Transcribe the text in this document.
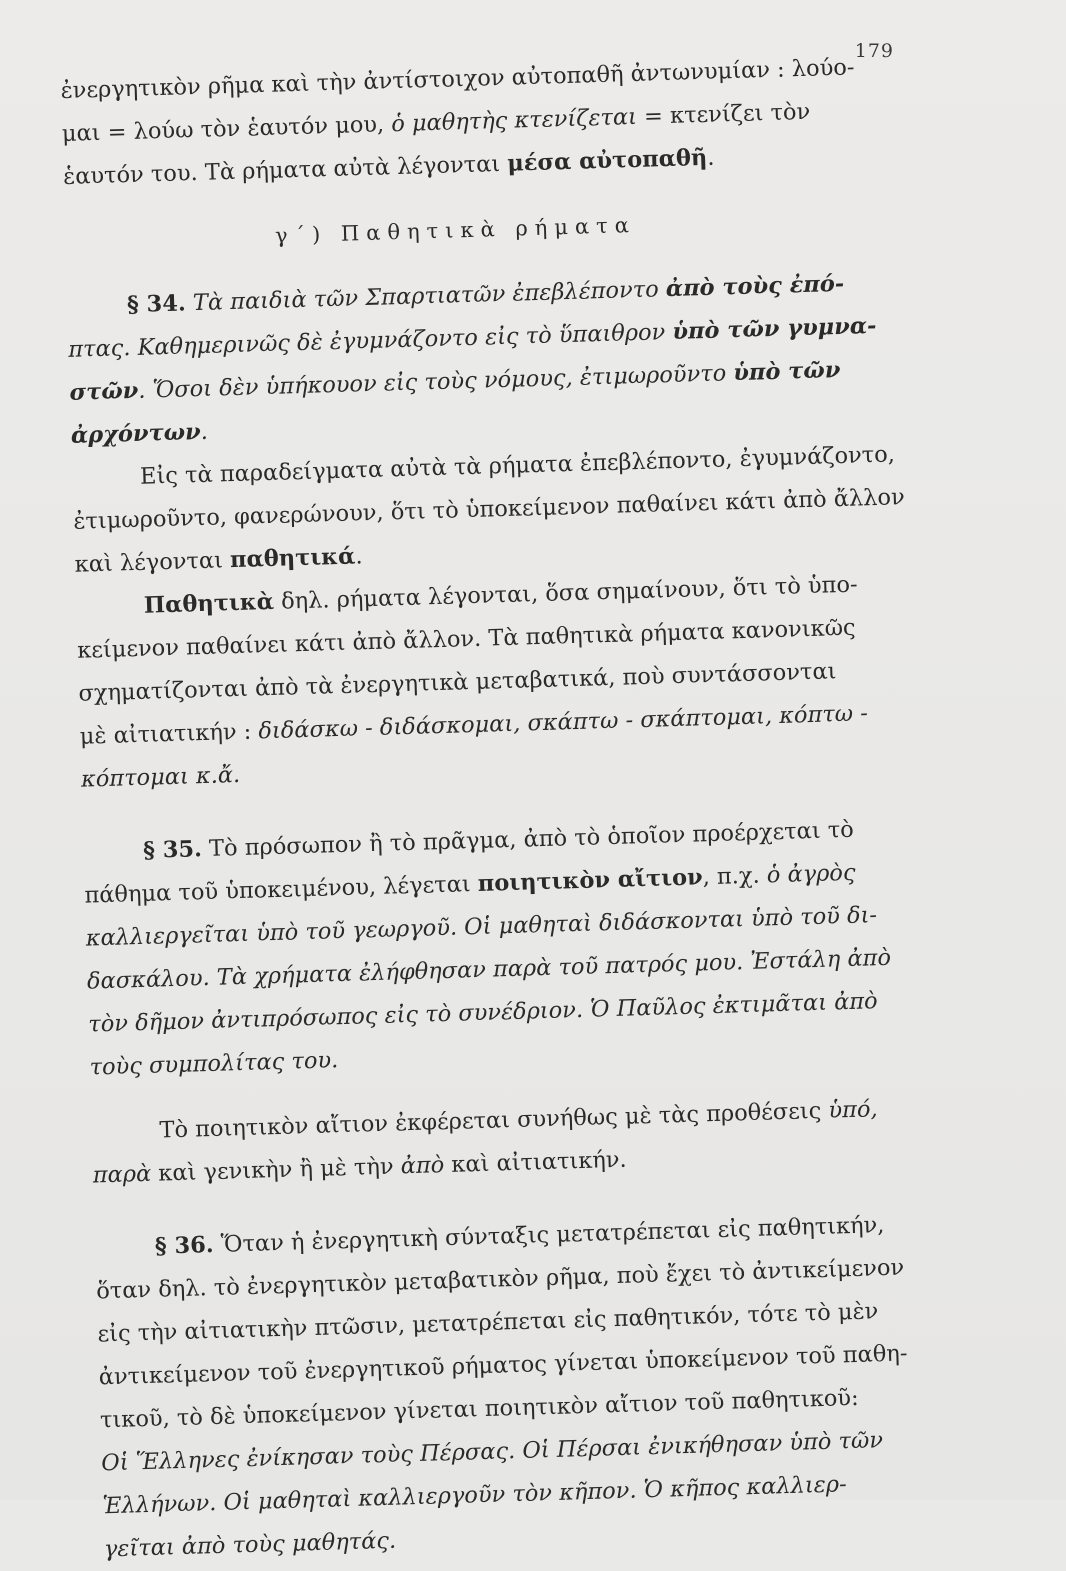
179
ἐνεργητικὸν ρῆμα καὶ τὴν ἀντίστοιχον αὐτοπαθῆ ἀντωνυμίαν : λούο-
μαι = λούω τὸν ἑαυτόν μου, ὁ μαθητὴς κτενίζεται = κτενίζει τὸν
ἑαυτόν του. Τὰ ρήματα αὐτὰ λέγονται μέσα αὐτοπαθῆ.
γ΄) Παθητικὰ ρήματα
§ 34. Τὰ παιδιὰ τῶν Σπαρτιατῶν ἐπεβλέποντο ἀπὸ τοὺς ἐπό-
πτας. Καθημερινῶς δὲ ἐγυμνάζοντο εἰς τὸ ὕπαιθρον ὑπὸ τῶν γυμνα-
στῶν. Ὅσοι δὲν ὑπήκουον εἰς τοὺς νόμους, ἐτιμωροῦντο ὑπὸ τῶν
ἀρχόντων.
Εἰς τὰ παραδείγματα αὐτὰ τὰ ρήματα ἐπεβλέποντο, ἐγυμνάζοντο,
ἐτιμωροῦντο, φανερώνουν, ὅτι τὸ ὑποκείμενον παθαίνει κάτι ἀπὸ ἄλλον
καὶ λέγονται παθητικά.
Παθητικὰ δηλ. ρήματα λέγονται, ὅσα σημαίνουν, ὅτι τὸ ὑπο-
κείμενον παθαίνει κάτι ἀπὸ ἄλλον. Τὰ παθητικὰ ρήματα κανονικῶς
σχηματίζονται ἀπὸ τὰ ἐνεργητικὰ μεταβατικά, ποὺ συντάσσονται
μὲ αἰτιατικήν : διδάσκω - διδάσκομαι, σκάπτω - σκάπτομαι, κόπτω -
κόπτομαι κ.ἄ.
§ 35. Τὸ πρόσωπον ἢ τὸ πρᾶγμα, ἀπὸ τὸ ὁποῖον προέρχεται τὸ
πάθημα τοῦ ὑποκειμένου, λέγεται ποιητικὸν αἴτιον, π.χ. ὁ ἀγρὸς
καλλιεργεῖται ὑπὸ τοῦ γεωργοῦ. Οἱ μαθηταὶ διδάσκονται ὑπὸ τοῦ δι-
δασκάλου. Τὰ χρήματα ἐλήφθησαν παρὰ τοῦ πατρός μου. Ἐστάλη ἀπὸ
τὸν δῆμον ἀντιπρόσωπος εἰς τὸ συνέδριον. Ὁ Παῦλος ἐκτιμᾶται ἀπὸ
τοὺς συμπολίτας του.
Τὸ ποιητικὸν αἴτιον ἐκφέρεται συνήθως μὲ τὰς προθέσεις ὑπό,
παρὰ καὶ γενικὴν ἢ μὲ τὴν ἀπὸ καὶ αἰτιατικήν.
§ 36. Ὅταν ἡ ἐνεργητικὴ σύνταξις μετατρέπεται εἰς παθητικήν,
ὅταν δηλ. τὸ ἐνεργητικὸν μεταβατικὸν ρῆμα, ποὺ ἔχει τὸ ἀντικείμενον
εἰς τὴν αἰτιατικὴν πτῶσιν, μετατρέπεται εἰς παθητικόν, τότε τὸ μὲν
ἀντικείμενον τοῦ ἐνεργητικοῦ ρήματος γίνεται ὑποκείμενον τοῦ παθη-
τικοῦ, τὸ δὲ ὑποκείμενον γίνεται ποιητικὸν αἴτιον τοῦ παθητικοῦ:
Οἱ Ἕλληνες ἐνίκησαν τοὺς Πέρσας. Οἱ Πέρσαι ἐνικήθησαν ὑπὸ τῶν
Ἑλλήνων. Οἱ μαθηταὶ καλλιεργοῦν τὸν κῆπον. Ὁ κῆπος καλλιερ-
γεῖται ἀπὸ τοὺς μαθητάς.
